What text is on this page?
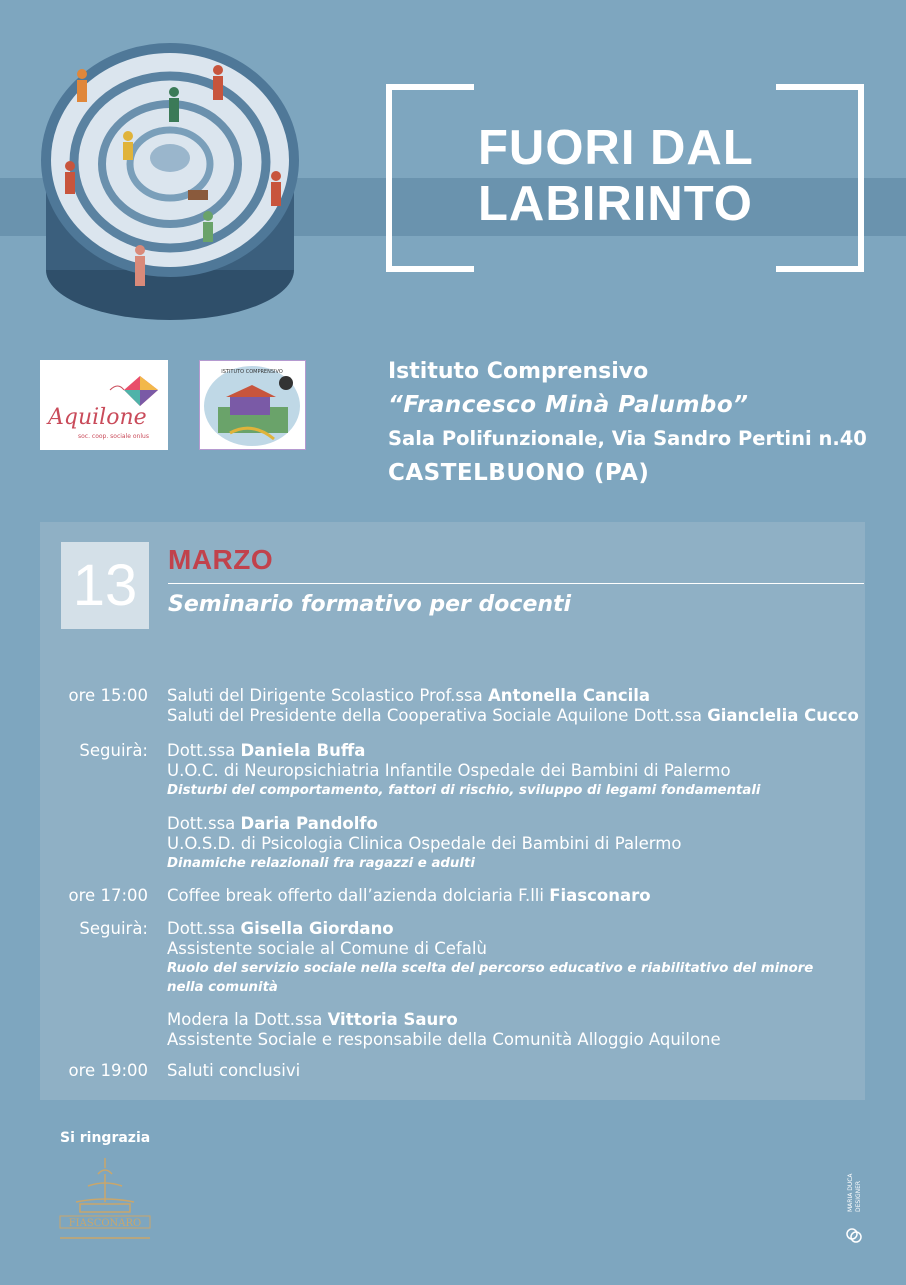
FUORI DAL
LABIRINTO
Aquilone
soc. coop. sociale onlus
ISTITUTO COMPRENSIVO	Istituto Comprensivo
“Francesco Minà Palumbo”
Sala Polifunzionale, Via Sandro Pertini n.40
CASTELBUONO (PA)
13	MARZO
Seminario formativo per docenti
ore 15:00 Saluti del Dirigente Scolastico Prof.ssa Antonella Cancila
Saluti del Presidente della Cooperativa Sociale Aquilone Dott.ssa Gianclelia Cucco
Seguirà: Dott.ssa Daniela Buffa
U.O.C. di Neuropsichiatria Infantile Ospedale dei Bambini di Palermo
Disturbi del comportamento, fattori di rischio, sviluppo di legami fondamentali
Dott.ssa Daria Pandolfo
U.O.S.D. di Psicologia Clinica Ospedale dei Bambini di Palermo
Dinamiche relazionali fra ragazzi e adulti
ore 17:00 Coffee break offerto dall’azienda dolciaria F.lli Fiasconaro
Seguirà: Dott.ssa Gisella Giordano
Assistente sociale al Comune di Cefalù
Ruolo del servizio sociale nella scelta del percorso educativo e riabilitativo del minore
nella comunità
Modera la Dott.ssa Vittoria Sauro
Assistente Sociale e responsabile della Comunità Alloggio Aquilone
ore 19:00 Saluti conclusivi
Si ringrazia
FIASCONARO
MARIA DUCA DESIGNER
